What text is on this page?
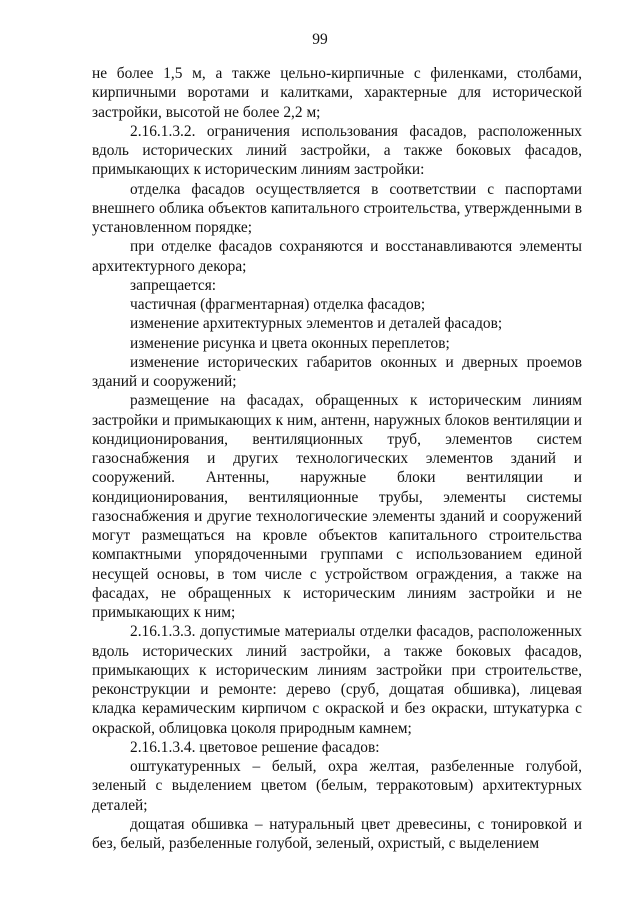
99

не более 1,5 м, а также цельно-кирпичные с филенками, столбами, кирпичными воротами и калитками, характерные для исторической застройки, высотой не более 2,2 м;

2.16.1.3.2. ограничения использования фасадов, расположенных вдоль исторических линий застройки, а также боковых фасадов, примыкающих к историческим линиям застройки:

отделка фасадов осуществляется в соответствии с паспортами внешнего облика объектов капитального строительства, утвержденными в установленном порядке;

при отделке фасадов сохраняются и восстанавливаются элементы архитектурного декора;

запрещается:

частичная (фрагментарная) отделка фасадов;

изменение архитектурных элементов и деталей фасадов;

изменение рисунка и цвета оконных переплетов;

изменение исторических габаритов оконных и дверных проемов зданий и сооружений;

размещение на фасадах, обращенных к историческим линиям застройки и примыкающих к ним, антенн, наружных блоков вентиляции и кондиционирования, вентиляционных труб, элементов систем газоснабжения и других технологических элементов зданий и сооружений. Антенны, наружные блоки вентиляции и кондиционирования, вентиляционные трубы, элементы системы газоснабжения и другие технологические элементы зданий и сооружений могут размещаться на кровле объектов капитального строительства компактными упорядоченными группами с использованием единой несущей основы, в том числе с устройством ограждения, а также на фасадах, не обращенных к историческим линиям застройки и не примыкающих к ним;

2.16.1.3.3. допустимые материалы отделки фасадов, расположенных вдоль исторических линий застройки, а также боковых фасадов, примыкающих к историческим линиям застройки при строительстве, реконструкции и ремонте: дерево (сруб, дощатая обшивка), лицевая кладка керамическим кирпичом с окраской и без окраски, штукатурка с окраской, облицовка цоколя природным камнем;

2.16.1.3.4. цветовое решение фасадов:

оштукатуренных – белый, охра желтая, разбеленные голубой, зеленый с выделением цветом (белым, терракотовым) архитектурных деталей;

дощатая обшивка – натуральный цвет древесины, с тонировкой и без, белый, разбеленные голубой, зеленый, охристый, с выделением
